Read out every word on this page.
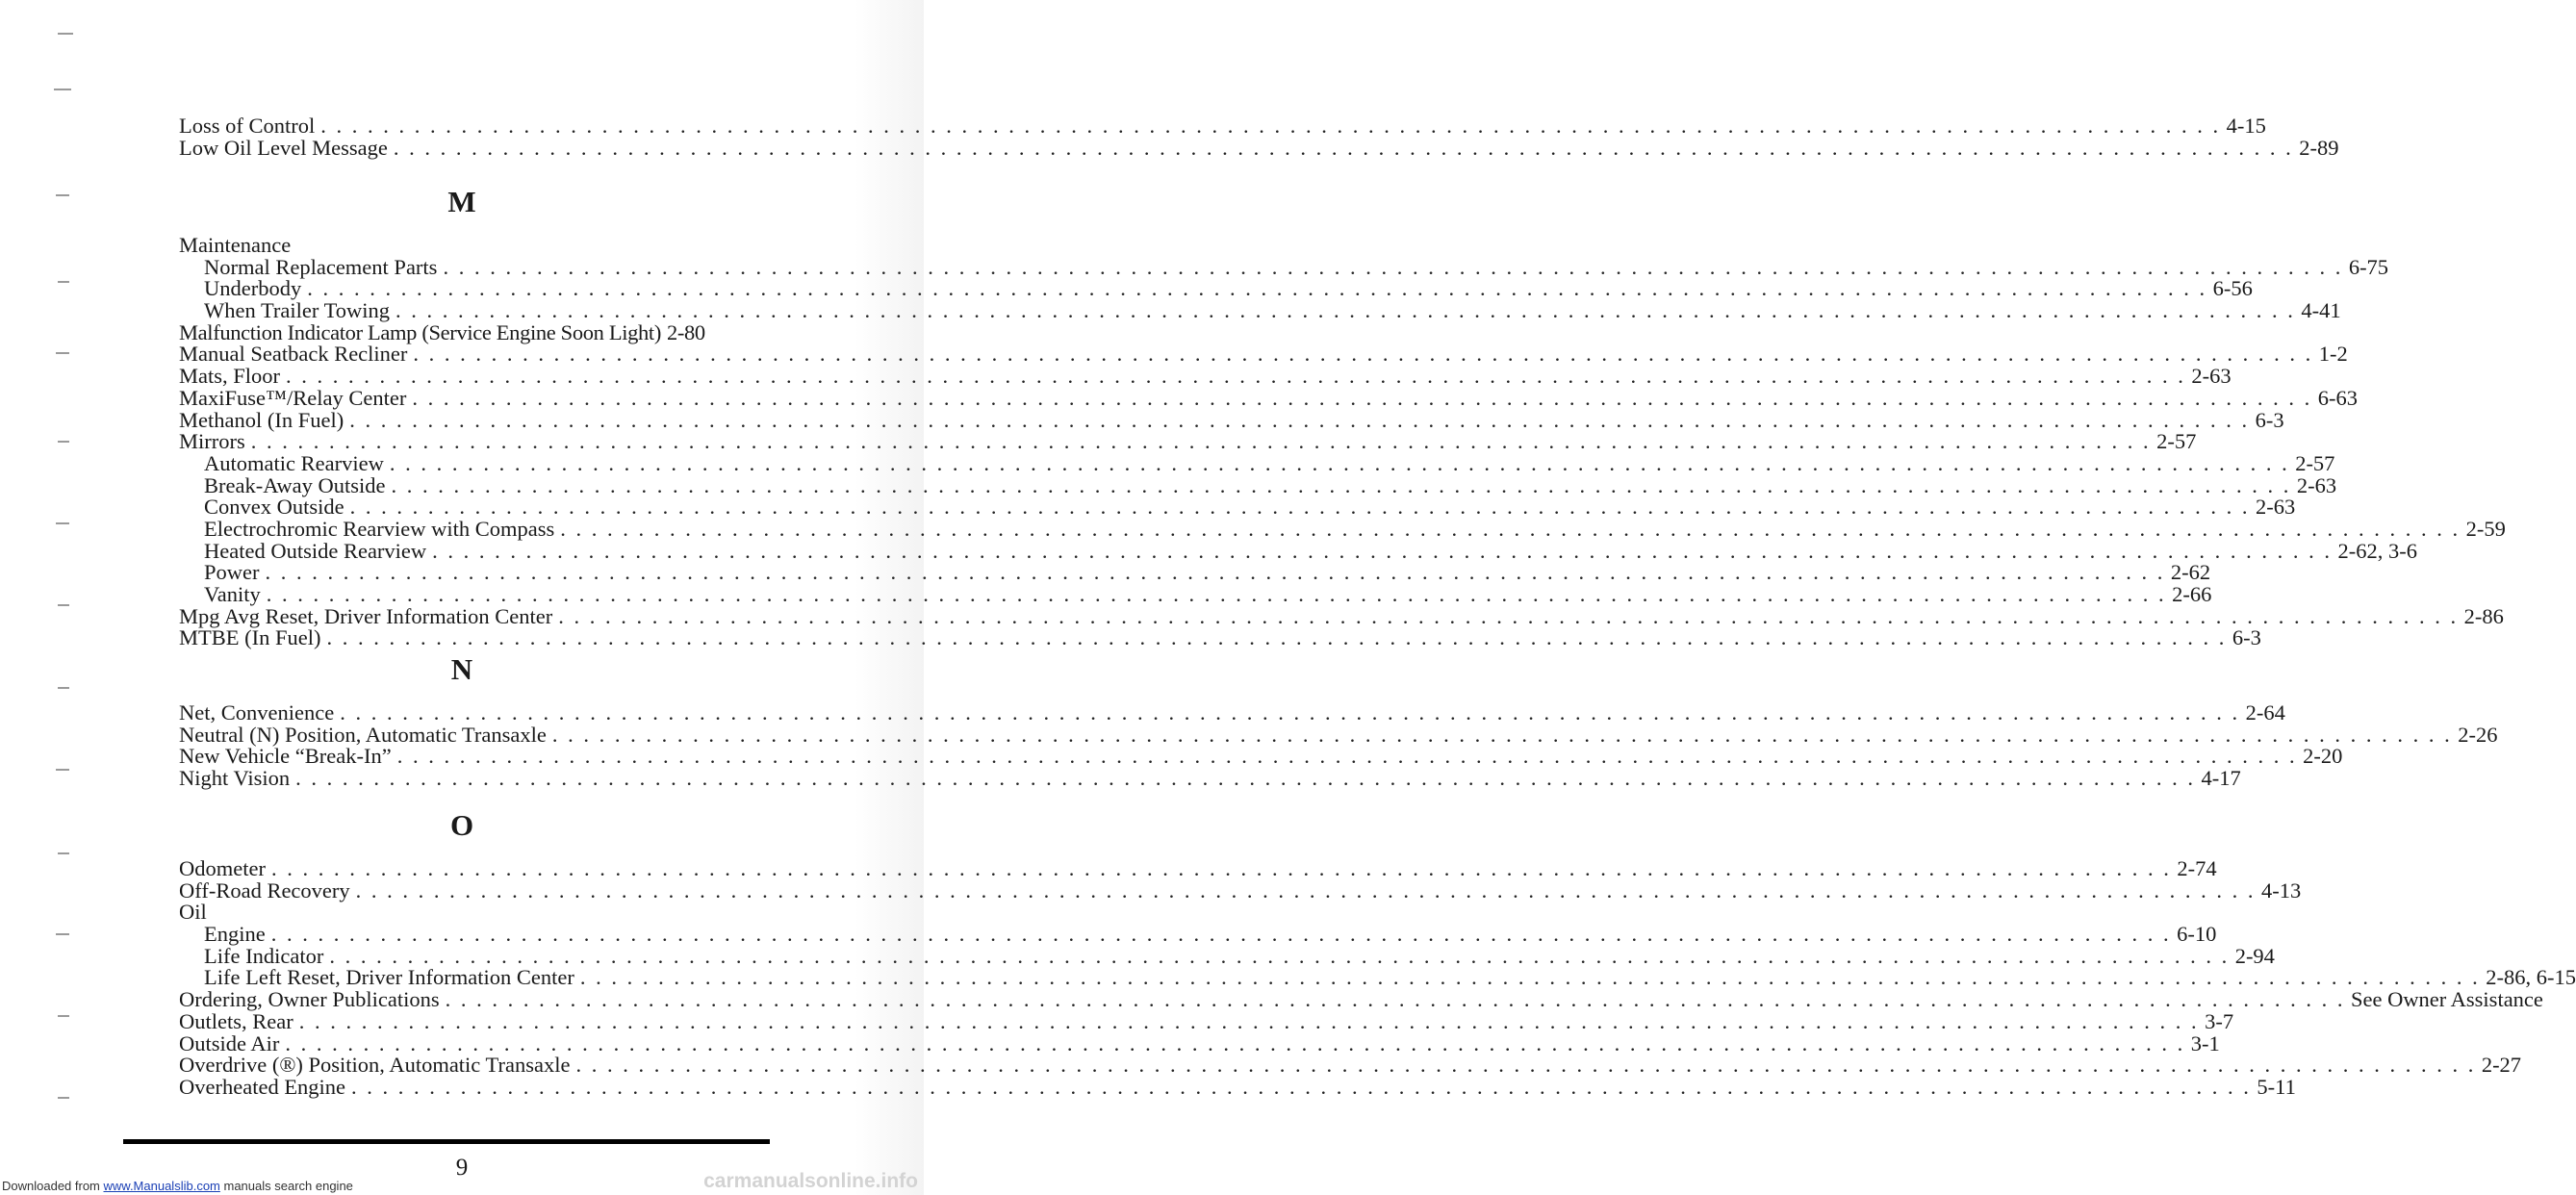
Loss of Control . . .	4-15
Low Oil Level Message . . .	2-89
M
Maintenance
Normal Replacement Parts . . .	6-75
Underbody . . .	6-56
When Trailer Towing . . .	4-41
Malfunction Indicator Lamp (Service Engine Soon Light) 2-80
Manual Seatback Recliner . . .	1-2
Mats, Floor . . .	2-63
MaxiFuse™/Relay Center . . .	6-63
Methanol (In Fuel) . . .	6-3
Mirrors . . .	2-57
Automatic Rearview . . .	2-57
Break-Away Outside . . .	2-63
Convex Outside . . .	2-63
Electrochromic Rearview with Compass . . .	2-59
Heated Outside Rearview . . .	2-62, 3-6
Power . . .	2-62
Vanity . . .	2-66
Mpg Avg Reset, Driver Information Center . . .	2-86
MTBE (In Fuel) . . .	6-3
N
Net, Convenience . . .	2-64
Neutral (N) Position, Automatic Transaxle . . .	2-26
New Vehicle “Break-In” . . .	2-20
Night Vision . . .	4-17
O
Odometer . . .	2-74
Off-Road Recovery . . .	4-13
Oil
Engine . . .	6-10
Life Indicator . . .	2-94
Life Left Reset, Driver Information Center . . .	2-86, 6-15
Ordering, Owner Publications . . .	See Owner Assistance
Outlets, Rear . . .	3-7
Outside Air . . .	3-1
Overdrive (®) Position, Automatic Transaxle . . .	2-27
Overheated Engine . . .	5-11
9
Downloaded from www.Manualslib.com manuals search engine	carmanualsonline.info
